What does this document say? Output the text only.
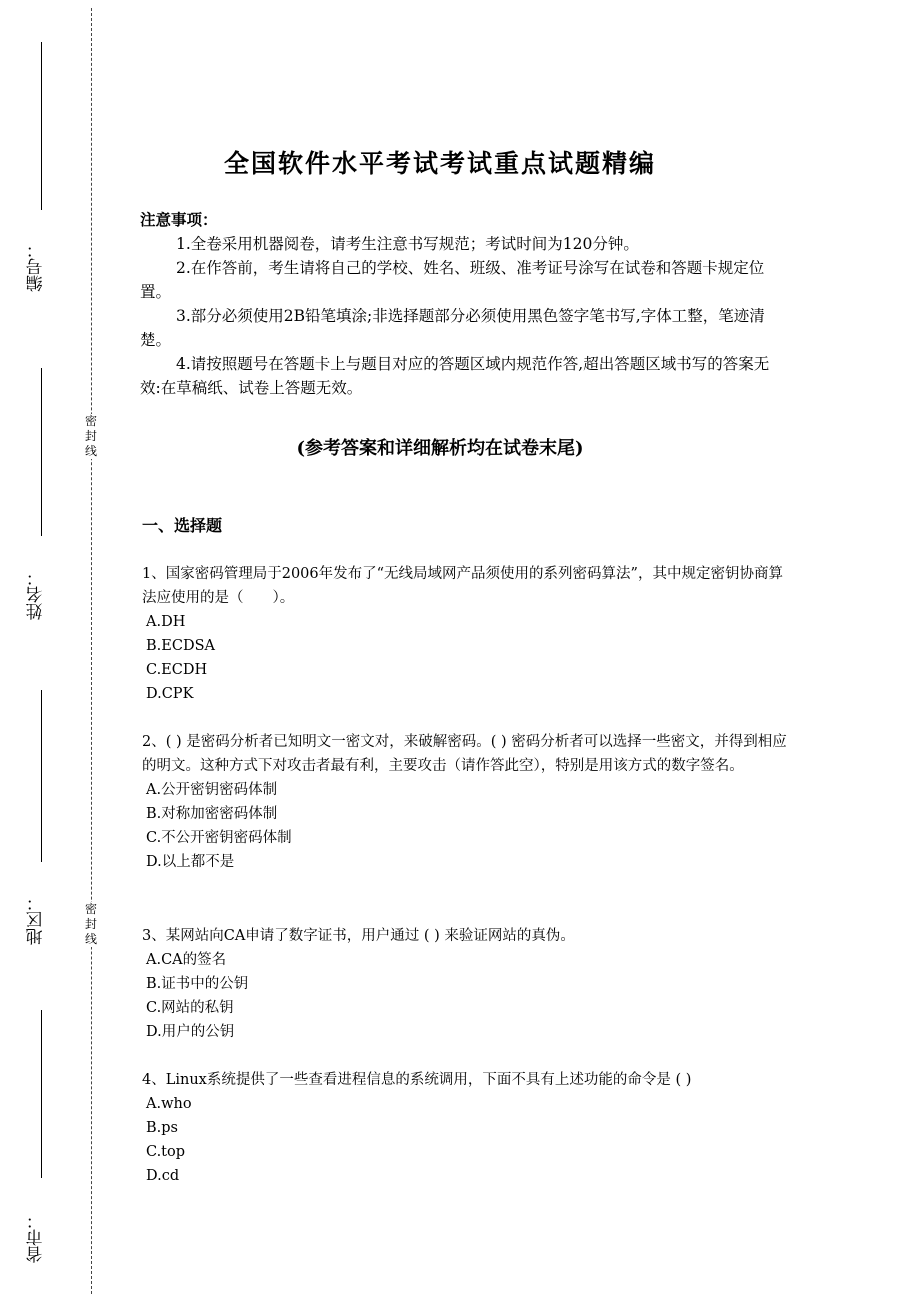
密封线
密封线
编号：
姓名：
地区：
省市：
全国软件水平考试考试重点试题精编
注意事项：

1.全卷采用机器阅卷，请考生注意书写规范；考试时间为120分钟。

2.在作答前，考生请将自己的学校、姓名、班级、准考证号涂写在试卷和答题卡规定位置。

3.部分必须使用2B铅笔填涂;非选择题部分必须使用黑色签字笔书写,字体工整，笔迹清楚。

4.请按照题号在答题卡上与题目对应的答题区域内规范作答,超出答题区域书写的答案无效:在草稿纸、试卷上答题无效。

(参考答案和详细解析均在试卷末尾)
一、选择题

1、国家密码管理局于2006年发布了“无线局域网产品须使用的系列密码算法”，其中规定密钥协商算法应使用的是（　　）。

A.DH

B.ECDSA

C.ECDH

D.CPK

2、( ) 是密码分析者已知明文一密文对，来破解密码。( ) 密码分析者可以选择一些密文，并得到相应的明文。这种方式下对攻击者最有利，主要攻击（请作答此空），特别是用该方式的数字签名。

A.公开密钥密码体制

B.对称加密密码体制

C.不公开密钥密码体制

D.以上都不是

3、某网站向CA申请了数字证书，用户通过 ( ) 来验证网站的真伪。

A.CA的签名

B.证书中的公钥

C.网站的私钥

D.用户的公钥

4、Linux系统提供了一些查看进程信息的系统调用，下面不具有上述功能的命令是 ( )

A.who

B.ps

C.top

D.cd
